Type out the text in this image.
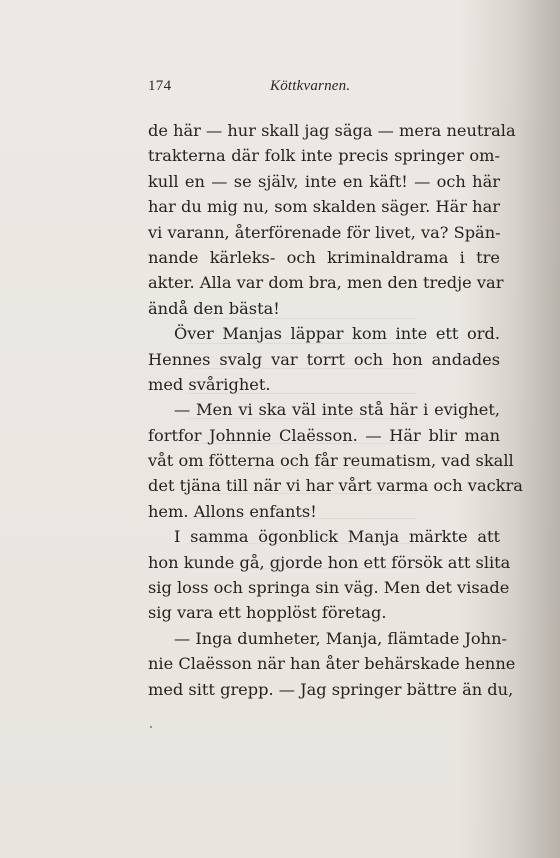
174	Köttkvarnen.
de här — hur skall jag säga — mera neutrala
trakterna där folk inte precis springer om-
kull en — se själv, inte en käft! — och här
har du mig nu, som skalden säger. Här har
vi varann, återförenade för livet, va? Spän-
nande kärleks- och kriminaldrama i tre
akter. Alla var dom bra, men den tredje var
ändå den bästa!
Över Manjas läppar kom inte ett ord.
Hennes svalg var torrt och hon andades
med svårighet.
— Men vi ska väl inte stå här i evighet,
fortfor Johnnie Claësson. — Här blir man
våt om fötterna och får reumatism, vad skall
det tjäna till när vi har vårt varma och vackra
hem. Allons enfants!
I samma ögonblick Manja märkte att
hon kunde gå, gjorde hon ett försök att slita
sig loss och springa sin väg. Men det visade
sig vara ett hopplöst företag.
— Inga dumheter, Manja, flämtade John-
nie Claësson när han åter behärskade henne
med sitt grepp. — Jag springer bättre än du,
